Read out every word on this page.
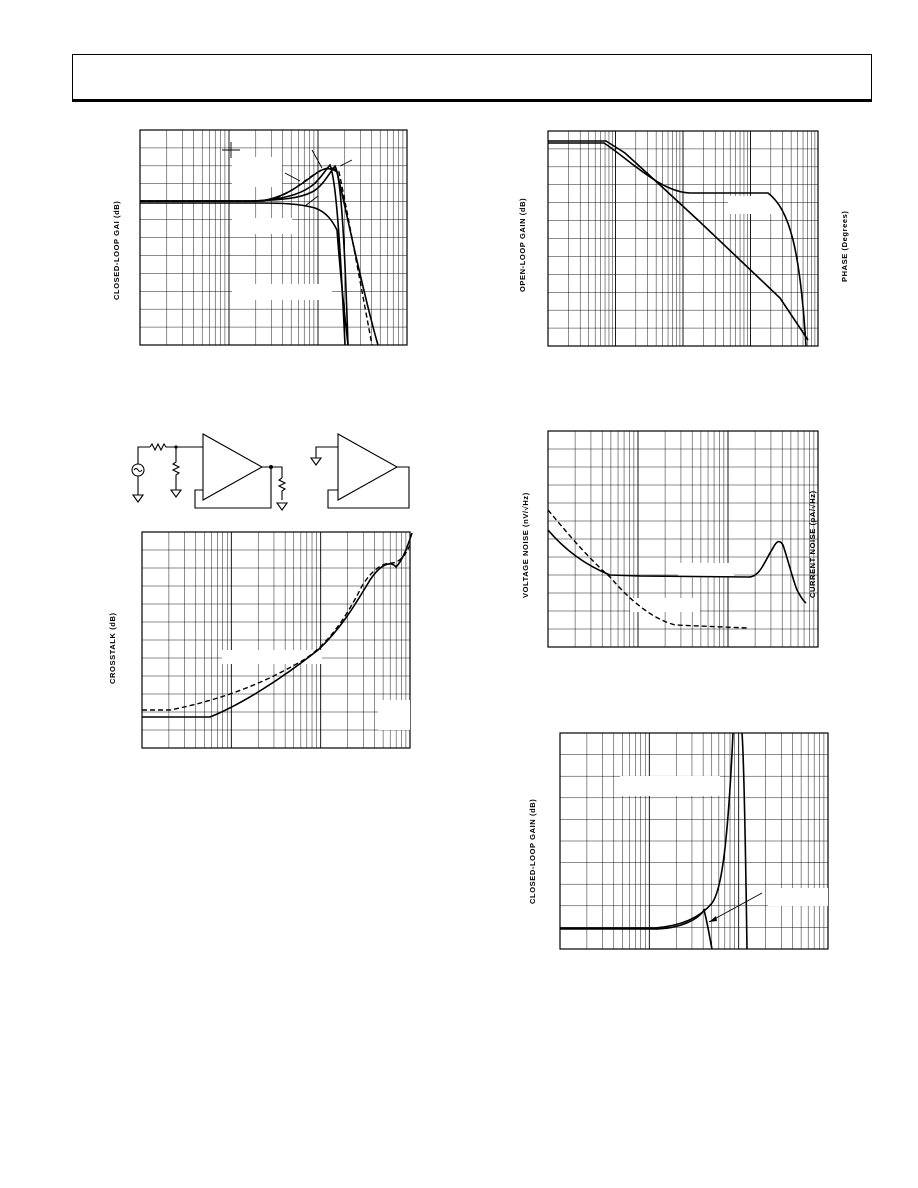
CLOSED-LOOP GAI (dB)	OPEN-LOOP GAIN (dB)	PHASE (Degrees)
CROSSTALK (dB)
VOLTAGE NOISE (nV/√Hz)	CURRENT NOISE (pA/√Hz)
CLOSED-LOOP GAIN (dB)
